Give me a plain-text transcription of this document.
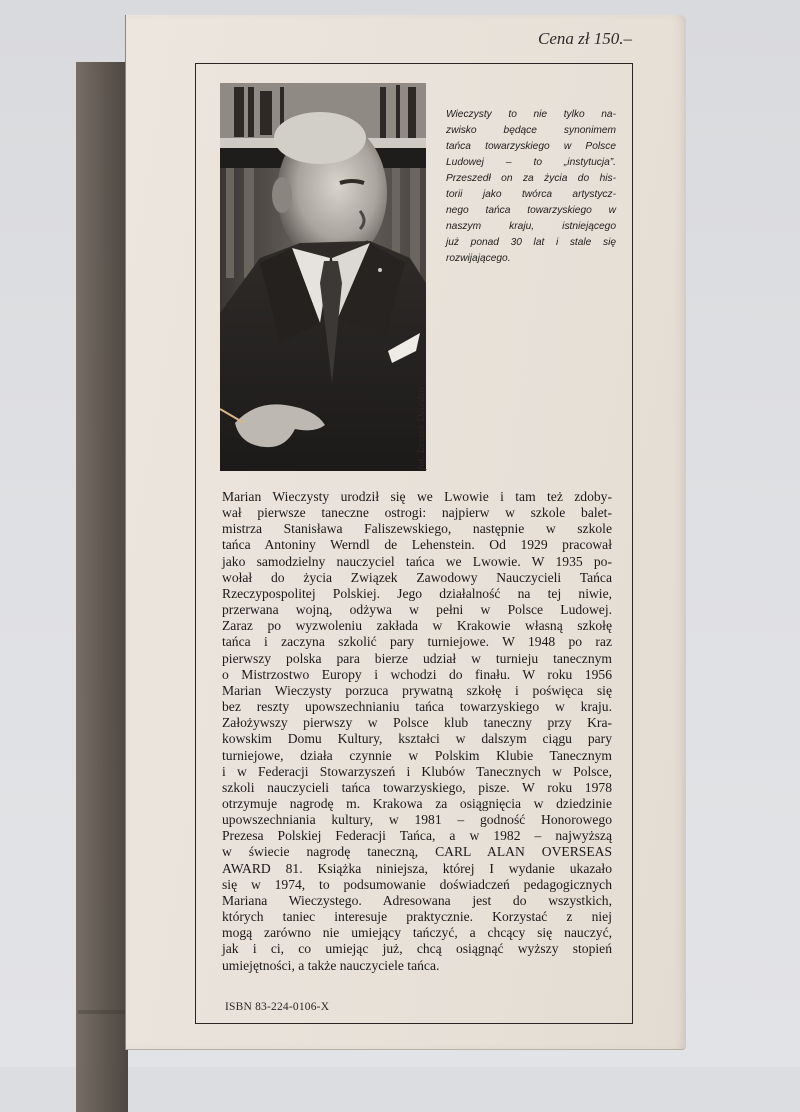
Cena zł 150.–
fot. Leszek Dziedzic
Wieczysty to nie tylko na-
zwisko będące synonimem
tańca towarzyskiego w Polsce
Ludowej – to „instytucja”.
Przeszedł on za życia do his-
torii jako twórca artystycz-
nego tańca towarzyskiego w
naszym kraju, istniejącego
już ponad 30 lat i stale się
rozwijającego.
Marian Wieczysty urodził się we Lwowie i tam też zdoby-
wał pierwsze taneczne ostrogi: najpierw w szkole balet-
mistrza Stanisława Faliszewskiego, następnie w szkole
tańca Antoniny Werndl de Lehenstein. Od 1929 pracował
jako samodzielny nauczyciel tańca we Lwowie. W 1935 po-
wołał do życia Związek Zawodowy Nauczycieli Tańca
Rzeczypospolitej Polskiej. Jego działalność na tej niwie,
przerwana wojną, odżywa w pełni w Polsce Ludowej.
Zaraz po wyzwoleniu zakłada w Krakowie własną szkołę
tańca i zaczyna szkolić pary turniejowe. W 1948 po raz
pierwszy polska para bierze udział w turnieju tanecznym
o Mistrzostwo Europy i wchodzi do finału. W roku 1956
Marian Wieczysty porzuca prywatną szkołę i poświęca się
bez reszty upowszechnianiu tańca towarzyskiego w kraju.
Założywszy pierwszy w Polsce klub taneczny przy Kra-
kowskim Domu Kultury, kształci w dalszym ciągu pary
turniejowe, działa czynnie w Polskim Klubie Tanecznym
i w Federacji Stowarzyszeń i Klubów Tanecznych w Polsce,
szkoli nauczycieli tańca towarzyskiego, pisze. W roku 1978
otrzymuje nagrodę m. Krakowa za osiągnięcia w dziedzinie
upowszechniania kultury, w 1981 – godność Honorowego
Prezesa Polskiej Federacji Tańca, a w 1982 – najwyższą
w świecie nagrodę taneczną, CARL ALAN OVERSEAS
AWARD 81. Książka niniejsza, której I wydanie ukazało
się w 1974, to podsumowanie doświadczeń pedagogicznych
Mariana Wieczystego. Adresowana jest do wszystkich,
których taniec interesuje praktycznie. Korzystać z niej
mogą zarówno nie umiejący tańczyć, a chcący się nauczyć,
jak i ci, co umiejąc już, chcą osiągnąć wyższy stopień
umiejętności, a także nauczyciele tańca.
ISBN 83-224-0106-X
